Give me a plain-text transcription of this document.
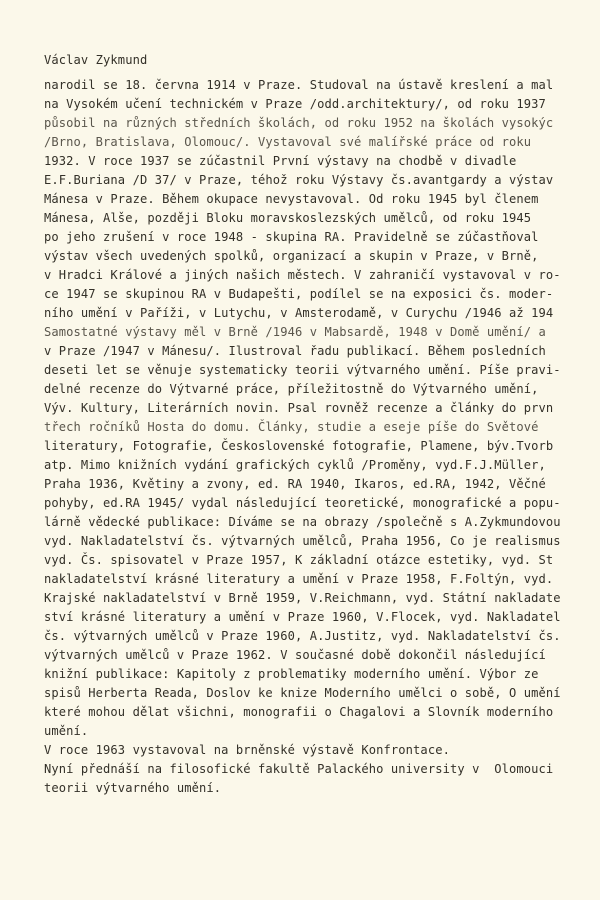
Václav Zykmund
narodil se 18. června 1914 v Praze. Studoval na ústavě kreslení a mal
na Vysokém učení technickém v Praze /odd.architektury/, od roku 1937
působil na různých středních školách, od roku 1952 na školách vysokýc
/Brno, Bratislava, Olomouc/. Vystavoval své malířské práce od roku
1932. V roce 1937 se zúčastnil První výstavy na chodbě v divadle
E.F.Buriana /D 37/ v Praze, téhož roku Výstavy čs.avantgardy a výstav
Mánesa v Praze. Během okupace nevystavoval. Od roku 1945 byl členem
Mánesa, Alše, později Bloku moravskoslezských umělců, od roku 1945
po jeho zrušení v roce 1948 - skupina RA. Pravidelně se zúčastňoval
výstav všech uvedených spolků, organizací a skupin v Praze, v Brně,
v Hradci Králové a jiných našich městech. V zahraničí vystavoval v ro-
ce 1947 se skupinou RA v Budapešti, podílel se na exposici čs. moder-
ního umění v Paříži, v Lutychu, v Amsterodamě, v Curychu /1946 až 194
Samostatné výstavy měl v Brně /1946 v Mabsardě, 1948 v Domě umění/ a
v Praze /1947 v Mánesu/. Ilustroval řadu publikací. Během posledních
deseti let se věnuje systematicky teorii výtvarného umění. Píše pravi-
delné recenze do Výtvarné práce, příležitostně do Výtvarného umění,
Výv. Kultury, Literárních novin. Psal rovněž recenze a články do prvn
třech ročníků Hosta do domu. Články, studie a eseje píše do Světové
literatury, Fotografie, Československé fotografie, Plamene, býv.Tvorb
atp. Mimo knižních vydání grafických cyklů /Proměny, vyd.F.J.Müller,
Praha 1936, Květiny a zvony, ed. RA 1940, Ikaros, ed.RA, 1942, Věčné
pohyby, ed.RA 1945/ vydal následující teoretické, monografické a popu-
lárně vědecké publikace: Díváme se na obrazy /společně s A.Zykmundovou
vyd. Nakladatelství čs. výtvarných umělců, Praha 1956, Co je realismus
vyd. Čs. spisovatel v Praze 1957, K základní otázce estetiky, vyd. St
nakladatelství krásné literatury a umění v Praze 1958, F.Foltýn, vyd.
Krajské nakladatelství v Brně 1959, V.Reichmann, vyd. Státní nakladate
ství krásné literatury a umění v Praze 1960, V.Flocek, vyd. Nakladatel
čs. výtvarných umělců v Praze 1960, A.Justitz, vyd. Nakladatelství čs.
výtvarných umělců v Praze 1962. V současné době dokončil následující
knižní publikace: Kapitoly z problematiky moderního umění. Výbor ze
spisů Herberta Reada, Doslov ke knize Moderního umělci o sobě, O umění
které mohou dělat všichni, monografii o Chagalovi a Slovník moderního
umění.
V roce 1963 vystavoval na brněnské výstavě Konfrontace.
Nyní přednáší na filosofické fakultě Palackého university v  Olomouci
teorii výtvarného umění.
